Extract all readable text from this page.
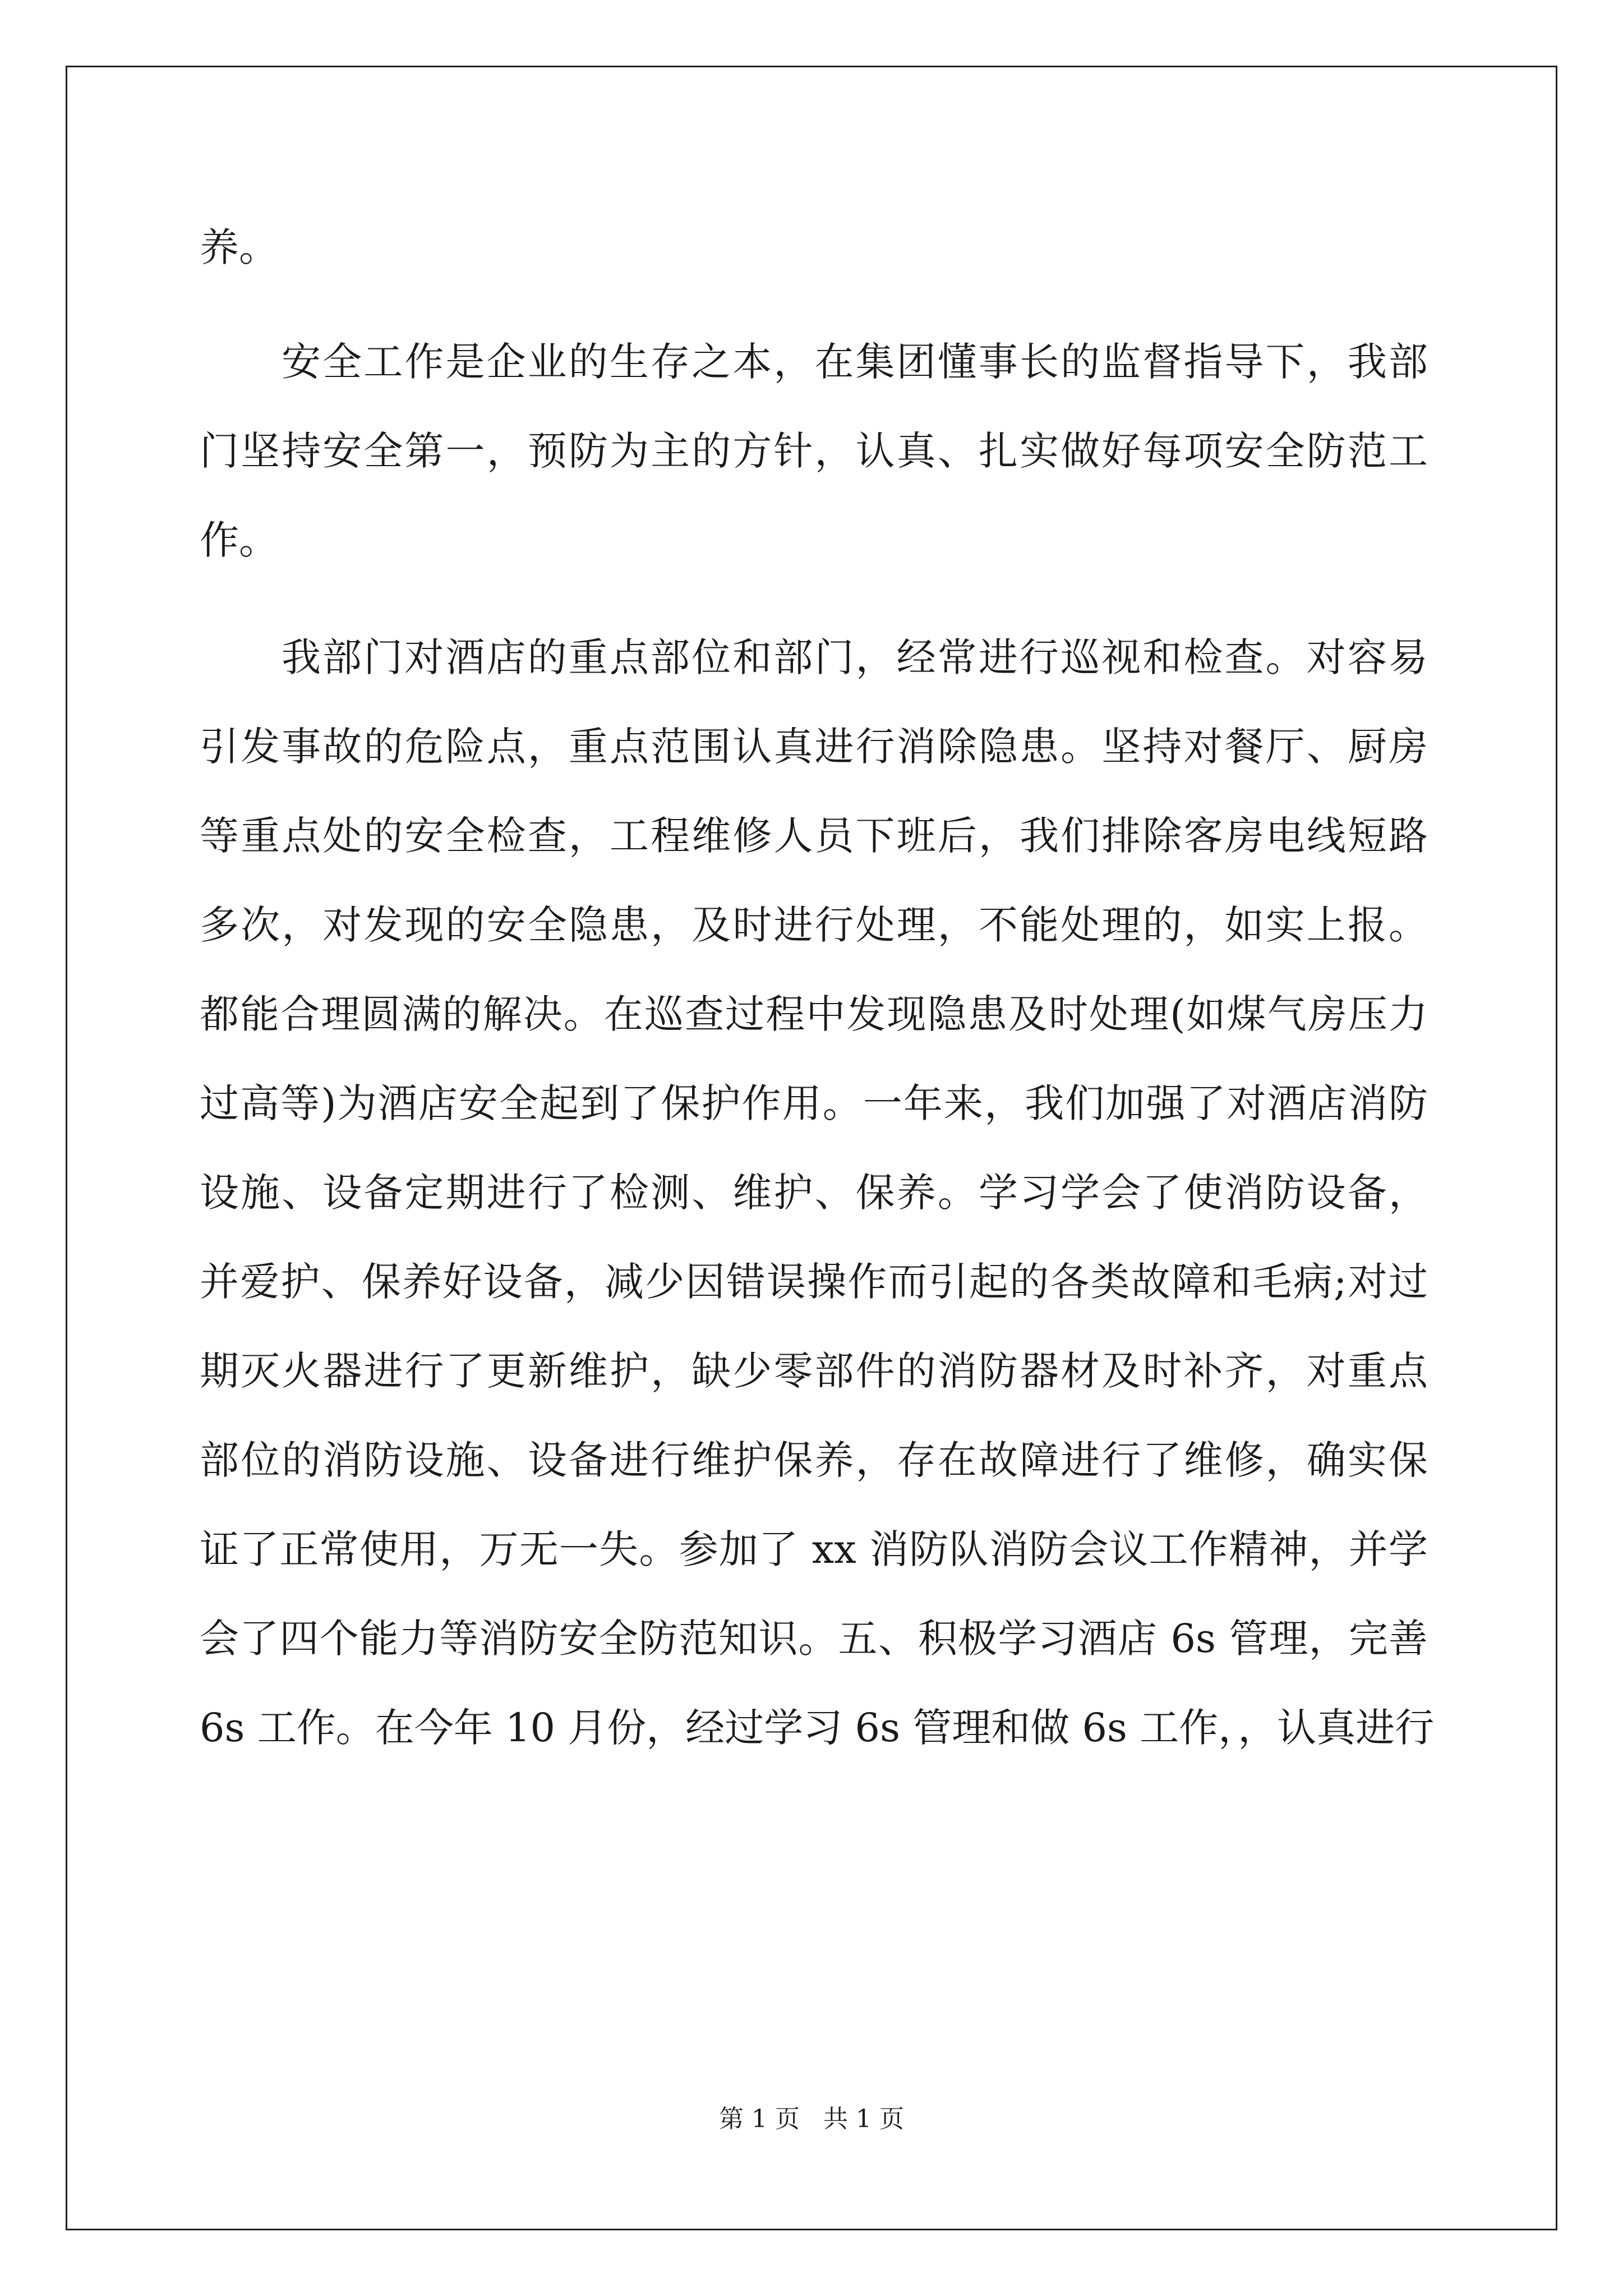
养。
安全工作是企业的生存之本，在集团懂事长的监督指导下，我部
门坚持安全第一，预防为主的方针，认真、扎实做好每项安全防范工
作。
我部门对酒店的重点部位和部门，经常进行巡视和检查。对容易
引发事故的危险点，重点范围认真进行消除隐患。坚持对餐厅、厨房
等重点处的安全检查，工程维修人员下班后，我们排除客房电线短路
多次，对发现的安全隐患，及时进行处理，不能处理的，如实上报。
都能合理圆满的解决。在巡查过程中发现隐患及时处理(如煤气房压力
过高等)为酒店安全起到了保护作用。一年来，我们加强了对酒店消防
设施、设备定期进行了检测、维护、保养。学习学会了使消防设备，
并爱护、保养好设备，减少因错误操作而引起的各类故障和毛病;对过
期灭火器进行了更新维护，缺少零部件的消防器材及时补齐，对重点
部位的消防设施、设备进行维护保养，存在故障进行了维修，确实保
证了正常使用，万无一失。参加了 xx 消防队消防会议工作精神，并学
会了四个能力等消防安全防范知识。五、积极学习酒店 6s 管理，完善
6s 工作。在今年 10 月份，经过学习 6s 管理和做 6s 工作，，认真进行
第 1 页 共 1 页
